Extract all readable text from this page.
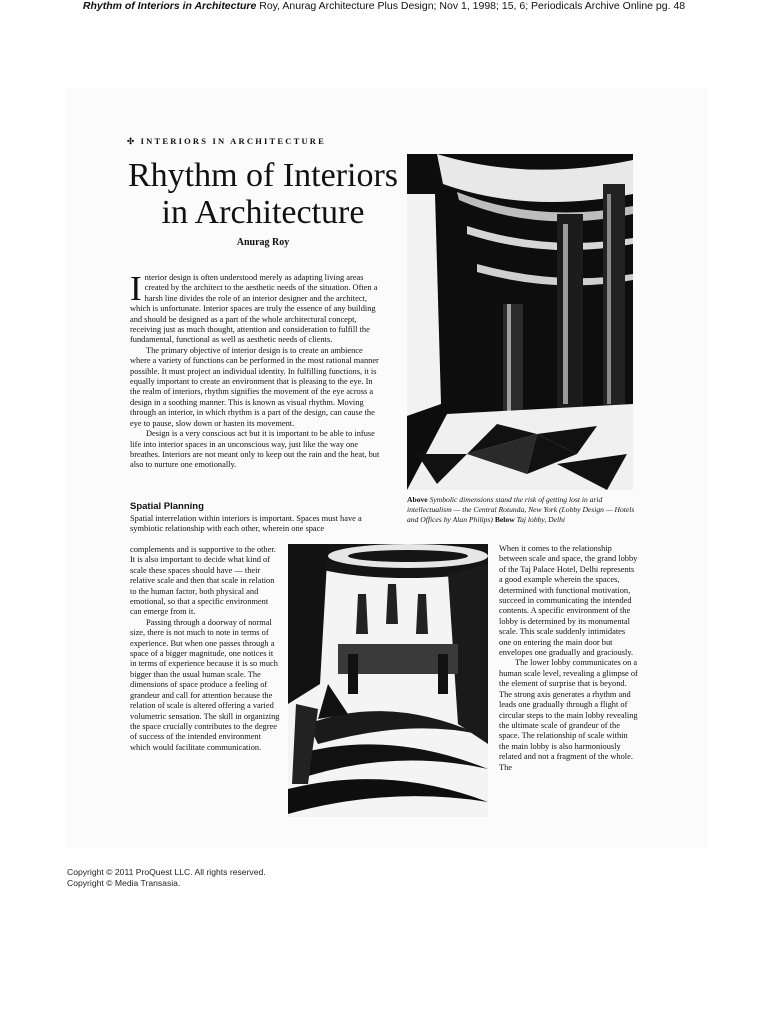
Rhythm of Interiors in Architecture Roy, Anurag Architecture Plus Design; Nov 1, 1998; 15, 6; Periodicals Archive Online pg. 48
✣ INTERIORS IN ARCHITECTURE
Rhythm of Interiors
in Architecture
Anurag Roy

Interior design is often understood merely as adapting living areas created by the architect to the aesthetic needs of the situation. Often a harsh line divides the role of an interior designer and the architect, which is unfortunate. Interior spaces are truly the essence of any building and should be designed as a part of the whole architectural concept, receiving just as much thought, attention and consideration to fulfill the fundamental, functional as well as aesthetic needs of clients.

The primary objective of interior design is to create an ambience where a variety of functions can be performed in the most rational manner possible. It must project an individual identity. In fulfilling functions, it is equally important to create an environment that is pleasing to the eye. In the realm of interiors, rhythm signifies the movement of the eye across a design in a soothing manner. This is known as visual rhythm. Moving through an interior, in which rhythm is a part of the design, can cause the eye to pause, slow down or hasten its movement.

Design is a very conscious act but it is important to be able to infuse life into interior spaces in an unconscious way, just like the way one breathes. Interiors are not meant only to keep out the rain and the heat, but also to nurture one emotionally.

Spatial Planning
Spatial interrelation within interiors is important. Spaces must have a symbiotic relationship with each other, wherein one space

complements and is supportive to the other. It is also important to decide what kind of scale these spaces should have — their relative scale and then that scale in relation to the human factor, both physical and emotional, so that a specific environment can emerge from it.

Passing through a doorway of normal size, there is not much to note in terms of experience. But when one passes through a space of a bigger magnitude, one notices it in terms of experience because it is so much bigger than the usual human scale. The dimensions of space produce a feeling of grandeur and call for attention because the relation of scale is altered offering a varied volumetric sensation. The skill in organizing the space crucially contributes to the degree of success of the intended environment which would facilitate communication.

When it comes to the relationship between scale and space, the grand lobby of the Taj Palace Hotel, Delhi represents a good example wherein the spaces, determined with functional motivation, succeed in communicating the intended contents. A specific environment of the lobby is determined by its monumental scale. This scale suddenly intimidates one on entering the main door but envelopes one gradually and graciously.

The lower lobby communicates on a human scale level, revealing a glimpse of the element of surprise that is beyond. The strong axis generates a rhythm and leads one gradually through a flight of circular steps to the main lobby revealing the ultimate scale of grandeur of the space. The relationship of scale within the main lobby is also harmoniously related and not a fragment of the whole. The

Above Symbolic dimensions stand the risk of getting lost in arid intellectualism — the Central Rotunda, New York (Lobby Design — Hotels and Offices by Alan Philips) Below Taj lobby, Delhi
Copyright © 2011 ProQuest LLC. All rights reserved.
Copyright © Media Transasia.
